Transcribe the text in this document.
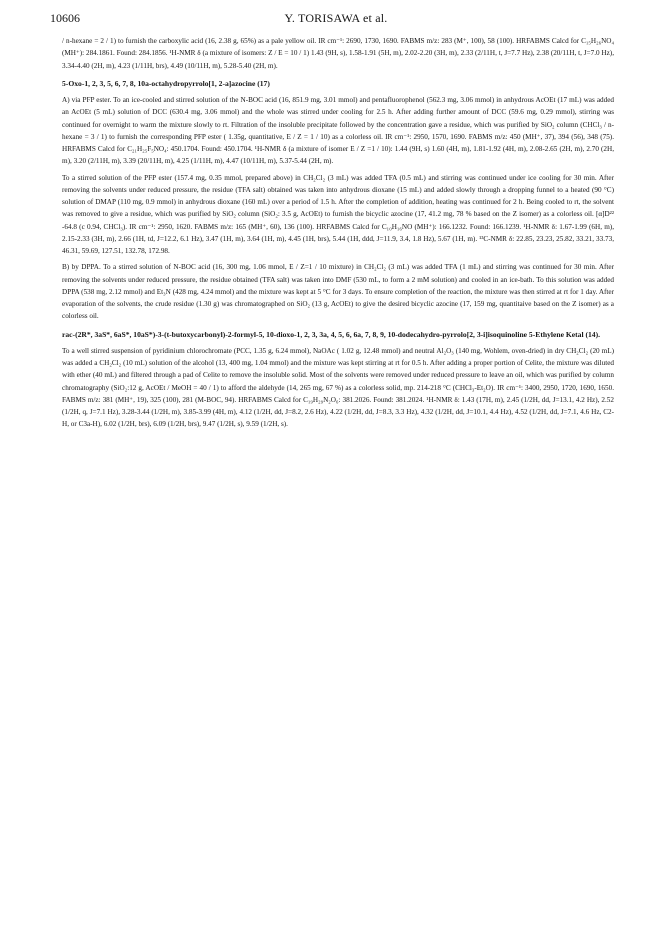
10606	Y. TORISAWA et al.

/ n-hexane = 2 / 1) to furnish the carboxylic acid (16, 2.38 g, 65%) as a pale yellow oil. IR cm⁻¹: 2690, 1730, 1690. FABMS m/z: 283 (M⁺, 100), 58 (100). HRFABMS Calcd for C₁₅H₂₆NO₄ (MH⁺): 284.1861. Found: 284.1856. ¹H-NMR δ (a mixture of isomers: Z / E = 10 / 1) 1.43 (9H, s), 1.58-1.91 (5H, m), 2.02-2.20 (3H, m), 2.33 (2/11H, t, J=7.7 Hz), 2.38 (20/11H, t, J=7.0 Hz), 3.34-4.40 (2H, m), 4.23 (1/11H, brs), 4.49 (10/11H, m), 5.28-5.40 (2H, m).

5-Oxo-1, 2, 3, 5, 6, 7, 8, 10a-octahydropyrrolo[1, 2-a]azocine (17)

A) via PFP ester. To an ice-cooled and stirred solution of the N-BOC acid (16, 851.9 mg, 3.01 mmol) and pentafluorophenol (562.3 mg, 3.06 mmol) in anhydrous AcOEt (17 mL) was added an AcOEt (5 mL) solution of DCC (630.4 mg, 3.06 mmol) and the whole was stirred under cooling for 2.5 h. After adding further amount of DCC (59.6 mg, 0.29 mmol), stirring was continued for overnight to warm the mixture slowly to rt. Filtration of the insoluble precipitate followed by the concentration gave a residue, which was purified by SiO₂ column (CHCl₃ / n-hexane = 3 / 1) to furnish the corresponding PFP ester ( 1.35g, quantitative, E / Z = 1 / 10) as a colorless oil. IR cm⁻¹: 2950, 1570, 1690. FABMS m/z: 450 (MH⁺, 37), 394 (56), 348 (75). HRFABMS Calcd for C₂₁H₂₅F₅NO₄: 450.1704. Found: 450.1704. ¹H-NMR δ (a mixture of isomer E / Z =1 / 10): 1.44 (9H, s) 1.60 (4H, m), 1.81-1.92 (4H, m), 2.08-2.65 (2H, m), 2.70 (2H, m), 3.20 (2/11H, m), 3.39 (20/11H, m), 4.25 (1/11H, m), 4.47 (10/11H, m), 5.37-5.44 (2H, m).

To a stirred solution of the PFP ester (157.4 mg, 0.35 mmol, prepared above) in CH₂Cl₂ (3 mL) was added TFA (0.5 mL) and stirring was continued under ice cooling for 30 min. After removing the solvents under reduced pressure, the residue (TFA salt) obtained was taken into anhydrous dioxane (15 mL) and added slowly through a dropping funnel to a heated (90 °C) solution of DMAP (110 mg, 0.9 mmol) in anhydrous dioxane (160 mL) over a period of 1.5 h. After the completion of addition, heating was continued for 2 h. Being cooled to rt, the solvent was removed to give a residue, which was purified by SiO₂ column (SiO₂: 3.5 g, AcOEt) to furnish the bicyclic azocine (17, 41.2 mg, 78 % based on the Z isomer) as a colorless oil. [α]D²² -64.8 (c 0.94, CHCl₃). IR cm⁻¹: 2950, 1620. FABMS m/z: 165 (MH⁺, 60), 136 (100). HRFABMS Calcd for C₁₀H₁₆NO (MH⁺): 166.1232. Found: 166.1239. ¹H-NMR δ: 1.67-1.99 (6H, m), 2.15-2.33 (3H, m), 2.66 (1H, td, J=12.2, 6.1 Hz), 3.47 (1H, m), 3.64 (1H, m), 4.45 (1H, brs), 5.44 (1H, ddd, J=11.9, 3.4, 1.8 Hz), 5.67 (1H, m). ¹³C-NMR δ: 22.85, 23.23, 25.82, 33.21, 33.73, 46.31, 59.69, 127.51, 132.78, 172.98.

B) by DPPA. To a stirred solution of N-BOC acid (16, 300 mg, 1.06 mmol, E / Z=1 / 10 mixture) in CH₂Cl₂ (3 mL) was added TFA (1 mL) and stirring was continued for 30 min. After removing the solvents under reduced pressure, the residue obtained (TFA salt) was taken into DMF (530 mL, to form a 2 mM solution) and cooled in an ice-bath. To this solution was added DPPA (538 mg, 2.12 mmol) and Et₃N (428 mg, 4.24 mmol) and the mixture was kept at 5 °C for 3 days. To ensure completion of the reaction, the mixture was then stirred at rt for 1 day. After evaporation of the solvents, the crude residue (1.30 g) was chromatographed on SiO₂ (13 g, AcOEt) to give the desired bicyclic azocine (17, 159 mg, quantitaive based on the Z isomer) as a colorless oil.

rac-(2R*, 3aS*, 6aS*, 10aS*)-3-(t-butoxycarbonyl)-2-formyl-5, 10-dioxo-1, 2, 3, 3a, 4, 5, 6, 6a, 7, 8, 9, 10-dodecahydro-pyrrolo[2, 3-i]isoquinoline 5-Ethylene Ketal (14).

To a well stirred suspension of pyridinium chlorochromate (PCC, 1.35 g, 6.24 mmol), NaOAc ( 1.02 g, 12.48 mmol) and neutral Al₂O₃ (140 mg, Wohlem, oven-dried) in dry CH₂Cl₂ (20 mL) was added a CH₂Cl₂ (10 mL) solution of the alcohol (13, 400 mg, 1.04 mmol) and the mixture was kept stirring at rt for 0.5 h. After adding a proper portion of Celite, the mixture was diluted with ether (40 mL) and filtered through a pad of Celite to remove the insoluble solid. Most of the solvents were removed under reduced pressure to leave an oil, which was purified by column chromatography (SiO₂:12 g, AcOEt / MeOH = 40 / 1) to afford the aldehyde (14, 265 mg, 67 %) as a colorless solid, mp. 214-218 °C (CHCl₃-Et₂O). IR cm⁻¹: 3400, 2950, 1720, 1690, 1650. FABMS m/z: 381 (MH⁺, 19), 325 (100), 281 (M-BOC, 94). HRFABMS Calcd for C₁₉H₂₉N₂O₆: 381.2026. Found: 381.2024. ¹H-NMR δ: 1.43 (17H, m), 2.45 (1/2H, dd, J=13.1, 4.2 Hz), 2.52 (1/2H, q, J=7.1 Hz), 3.28-3.44 (1/2H, m), 3.85-3.99 (4H, m), 4.12 (1/2H, dd, J=8.2, 2.6 Hz), 4.22 (1/2H, dd, J=8.3, 3.3 Hz), 4.32 (1/2H, dd, J=10.1, 4.4 Hz), 4.52 (1/2H, dd, J=7.1, 4.6 Hz, C2-H, or C3a-H), 6.02 (1/2H, brs), 6.09 (1/2H, brs), 9.47 (1/2H, s), 9.59 (1/2H, s).
